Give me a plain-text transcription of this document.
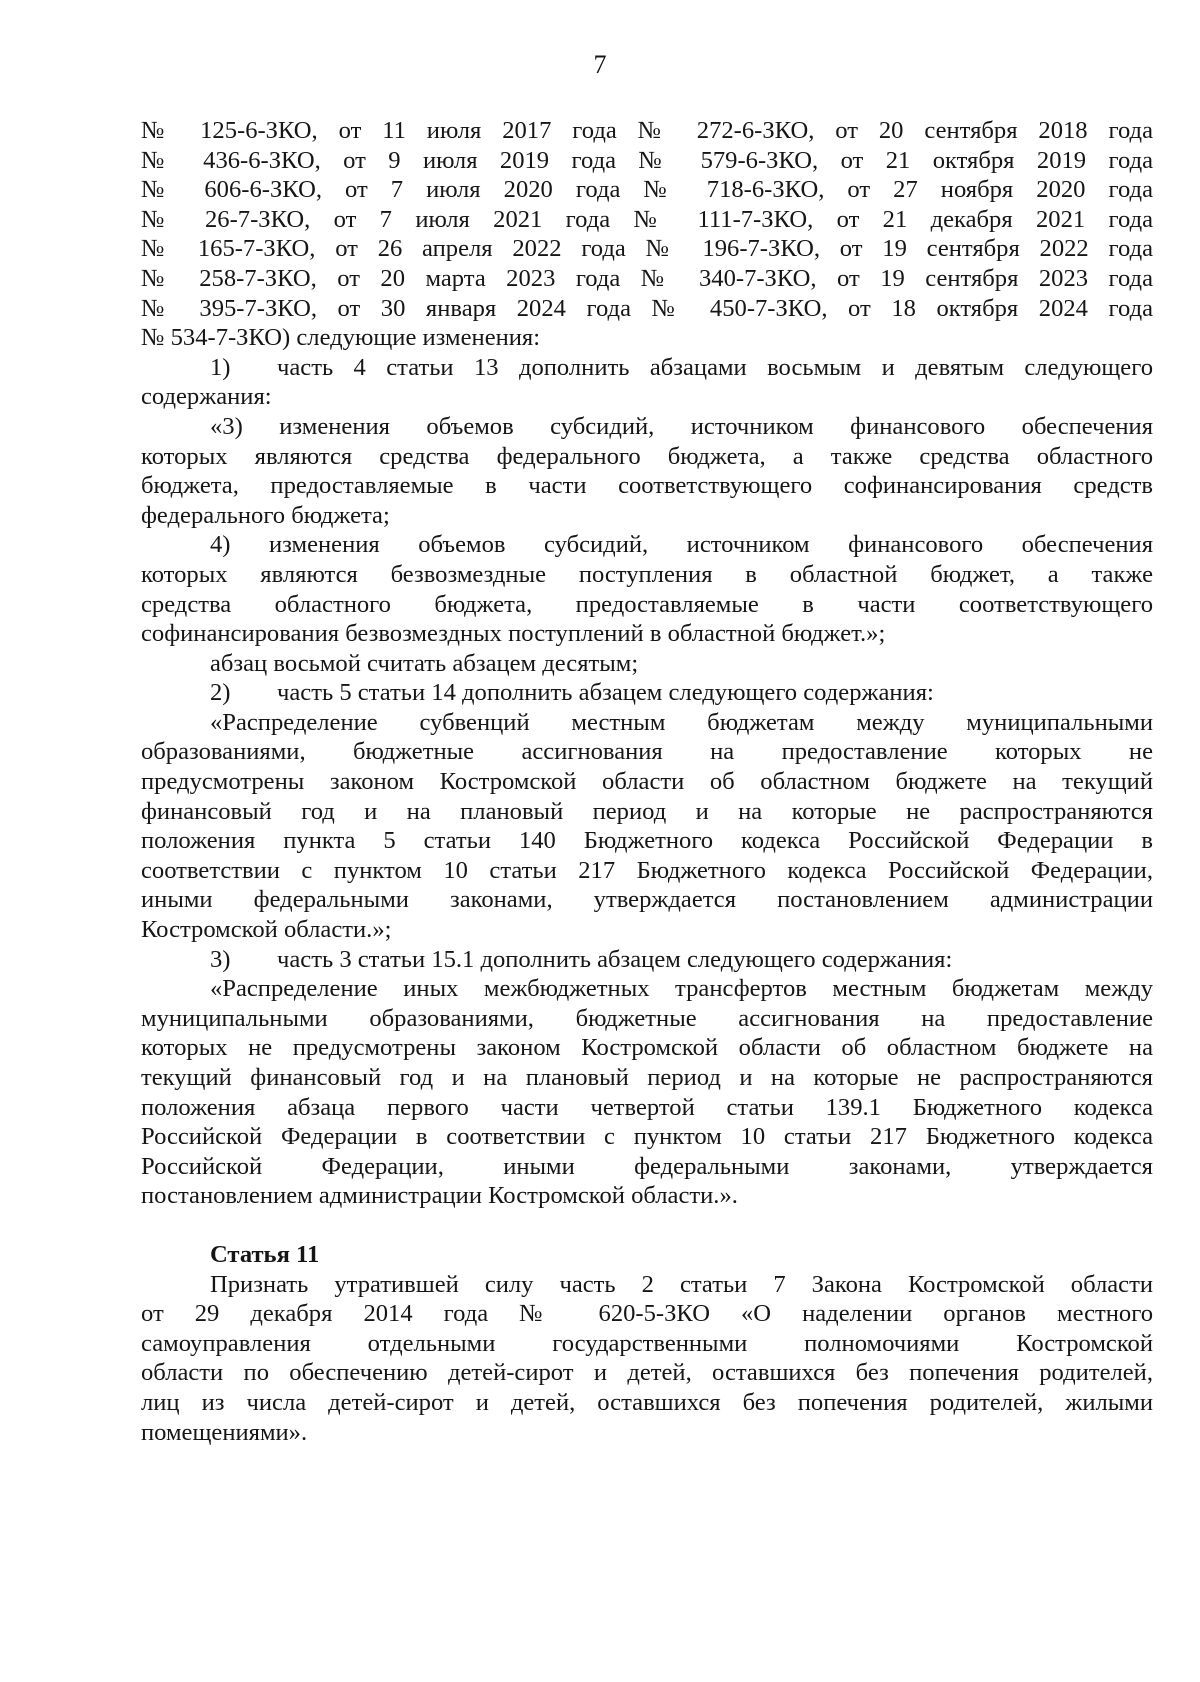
7
№ 125-6-ЗКО, от 11 июля 2017 года № 272-6-ЗКО, от 20 сентября 2018 года
№ 436-6-ЗКО, от 9 июля 2019 года № 579-6-ЗКО, от 21 октября 2019 года
№ 606-6-ЗКО, от 7 июля 2020 года № 718-6-ЗКО, от 27 ноября 2020 года
№ 26-7-ЗКО, от 7 июля 2021 года № 111-7-ЗКО, от 21 декабря 2021 года
№ 165-7-ЗКО, от 26 апреля 2022 года № 196-7-ЗКО, от 19 сентября 2022 года
№ 258-7-ЗКО, от 20 марта 2023 года № 340-7-ЗКО, от 19 сентября 2023 года
№ 395-7-ЗКО, от 30 января 2024 года № 450-7-ЗКО, от 18 октября 2024 года
№ 534-7-ЗКО) следующие изменения:
1) часть 4 статьи 13 дополнить абзацами восьмым и девятым следующего
содержания:
«3) изменения объемов субсидий, источником финансового обеспечения
которых являются средства федерального бюджета, а также средства областного
бюджета, предоставляемые в части соответствующего софинансирования средств
федерального бюджета;
4) изменения объемов субсидий, источником финансового обеспечения
которых являются безвозмездные поступления в областной бюджет, а также
средства областного бюджета, предоставляемые в части соответствующего
софинансирования безвозмездных поступлений в областной бюджет.»;
абзац восьмой считать абзацем десятым;
2) часть 5 статьи 14 дополнить абзацем следующего содержания:
«Распределение субвенций местным бюджетам между муниципальными
образованиями, бюджетные ассигнования на предоставление которых не
предусмотрены законом Костромской области об областном бюджете на текущий
финансовый год и на плановый период и на которые не распространяются
положения пункта 5 статьи 140 Бюджетного кодекса Российской Федерации в
соответствии с пунктом 10 статьи 217 Бюджетного кодекса Российской Федерации,
иными федеральными законами, утверждается постановлением администрации
Костромской области.»;
3) часть 3 статьи 15.1 дополнить абзацем следующего содержания:
«Распределение иных межбюджетных трансфертов местным бюджетам между
муниципальными образованиями, бюджетные ассигнования на предоставление
которых не предусмотрены законом Костромской области об областном бюджете на
текущий финансовый год и на плановый период и на которые не распространяются
положения абзаца первого части четвертой статьи 139.1 Бюджетного кодекса
Российской Федерации в соответствии с пунктом 10 статьи 217 Бюджетного кодекса
Российской Федерации, иными федеральными законами, утверждается
постановлением администрации Костромской области.».
Статья 11
Признать утратившей силу часть 2 статьи 7 Закона Костромской области
от 29 декабря 2014 года № 620-5-ЗКО «О наделении органов местного
самоуправления отдельными государственными полномочиями Костромской
области по обеспечению детей-сирот и детей, оставшихся без попечения родителей,
лиц из числа детей-сирот и детей, оставшихся без попечения родителей, жилыми
помещениями».
